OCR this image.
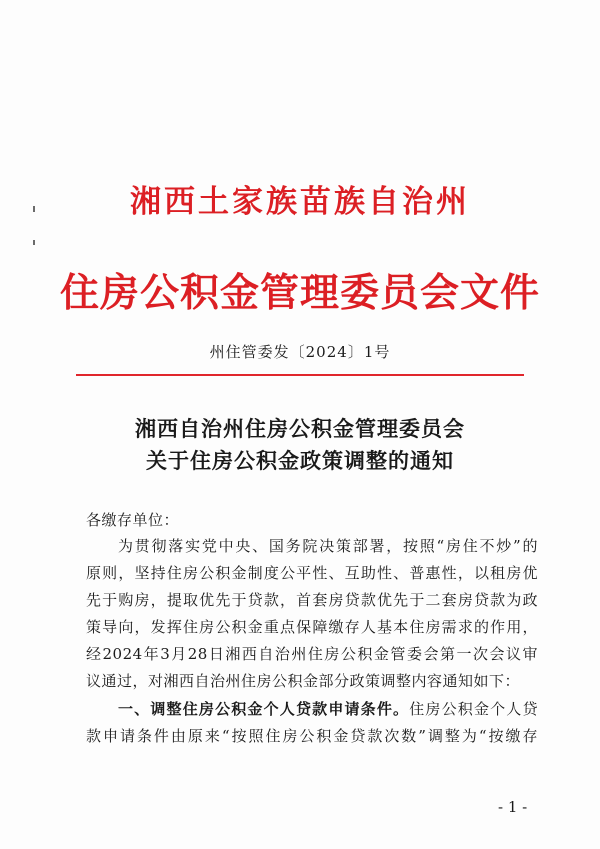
湘西土家族苗族自治州
住房公积金管理委员会文件
州住管委发〔2024〕1号
湘西自治州住房公积金管理委员会
关于住房公积金政策调整的通知
各缴存单位：
为贯彻落实党中央、国务院决策部署，按照“房住不炒”的
原则，坚持住房公积金制度公平性、互助性、普惠性，以租房优
先于购房，提取优先于贷款，首套房贷款优先于二套房贷款为政
策导向，发挥住房公积金重点保障缴存人基本住房需求的作用，
经2024年3月28日湘西自治州住房公积金管委会第一次会议审
议通过，对湘西自治州住房公积金部分政策调整内容通知如下：
一、调整住房公积金个人贷款申请条件。住房公积金个人贷
款申请条件由原来“按照住房公积金贷款次数”调整为“按缴存
- 1 -
